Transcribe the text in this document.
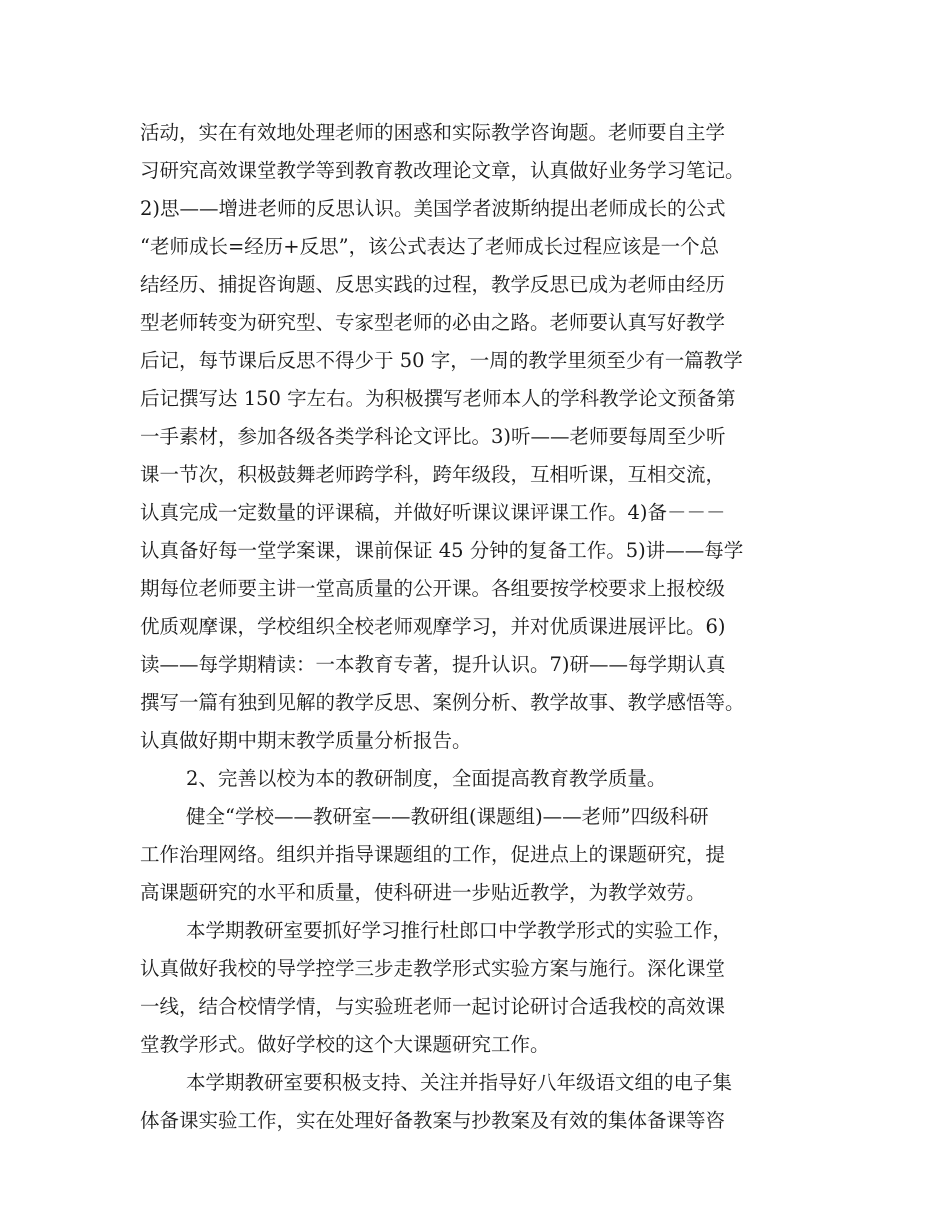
活动，实在有效地处理老师的困惑和实际教学咨询题。老师要自主学
习研究高效课堂教学等到教育教改理论文章，认真做好业务学习笔记。
2)思——增进老师的反思认识。美国学者波斯纳提出老师成长的公式
“老师成长=经历+反思”，该公式表达了老师成长过程应该是一个总
结经历、捕捉咨询题、反思实践的过程，教学反思已成为老师由经历
型老师转变为研究型、专家型老师的必由之路。老师要认真写好教学
后记，每节课后反思不得少于 50 字，一周的教学里须至少有一篇教学
后记撰写达 150 字左右。为积极撰写老师本人的学科教学论文预备第
一手素材，参加各级各类学科论文评比。3)听——老师要每周至少听
课一节次，积极鼓舞老师跨学科，跨年级段，互相听课，互相交流，
认真完成一定数量的评课稿，并做好听课议课评课工作。4)备－－－
认真备好每一堂学案课，课前保证 45 分钟的复备工作。5)讲——每学
期每位老师要主讲一堂高质量的公开课。各组要按学校要求上报校级
优质观摩课，学校组织全校老师观摩学习，并对优质课进展评比。6)
读——每学期精读：一本教育专著，提升认识。7)研——每学期认真
撰写一篇有独到见解的教学反思、案例分析、教学故事、教学感悟等。
认真做好期中期末教学质量分析报告。
2、完善以校为本的教研制度，全面提高教育教学质量。
健全“学校——教研室——教研组(课题组)——老师”四级科研
工作治理网络。组织并指导课题组的工作，促进点上的课题研究，提
高课题研究的水平和质量，使科研进一步贴近教学，为教学效劳。
本学期教研室要抓好学习推行杜郎口中学教学形式的实验工作，
认真做好我校的导学控学三步走教学形式实验方案与施行。深化课堂
一线，结合校情学情，与实验班老师一起讨论研讨合适我校的高效课
堂教学形式。做好学校的这个大课题研究工作。
本学期教研室要积极支持、关注并指导好八年级语文组的电子集
体备课实验工作，实在处理好备教案与抄教案及有效的集体备课等咨
